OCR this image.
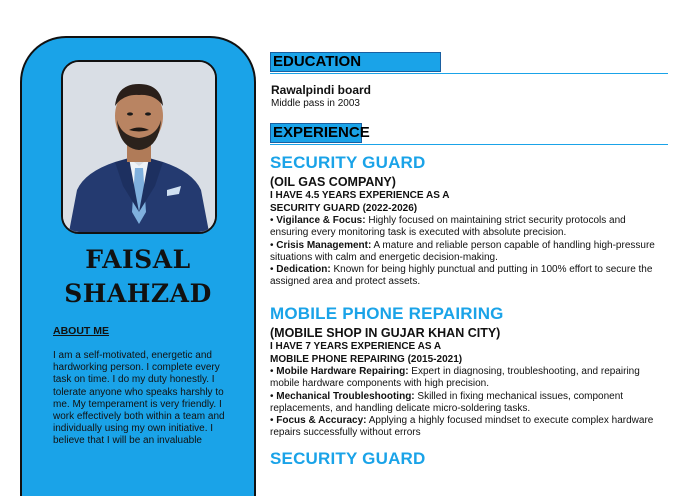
FAISAL
SHAHZAD
ABOUT ME
I am a self-motivated, energetic and hardworking person. I complete every task on time. I do my duty honestly. I tolerate anyone who speaks harshly to me. My temperament is very friendly. I work effectively both within a team and individually using my own initiative. I believe that I will be an invaluable
EDUCATION
Rawalpindi board
Middle pass in 2003
EXPERIENCE
SECURITY GUARD
(OIL GAS COMPANY)
I HAVE 4.5 YEARS EXPERIENCE AS A
SECURITY GUARD (2022-2026)
• Vigilance & Focus: Highly focused on maintaining strict security protocols and ensuring every monitoring task is executed with absolute precision.
• Crisis Management: A mature and reliable person capable of handling high-pressure situations with calm and energetic decision-making.
• Dedication: Known for being highly punctual and putting in 100% effort to secure the assigned area and protect assets.
MOBILE PHONE REPAIRING
(MOBILE SHOP IN GUJAR KHAN CITY)
I HAVE 7 YEARS EXPERIENCE AS A
MOBILE PHONE REPAIRING (2015-2021)
• Mobile Hardware Repairing: Expert in diagnosing, troubleshooting, and repairing mobile hardware components with high precision.
• Mechanical Troubleshooting: Skilled in fixing mechanical issues, component replacements, and handling delicate micro-soldering tasks.
• Focus & Accuracy: Applying a highly focused mindset to execute complex hardware repairs successfully without errors
SECURITY GUARD
